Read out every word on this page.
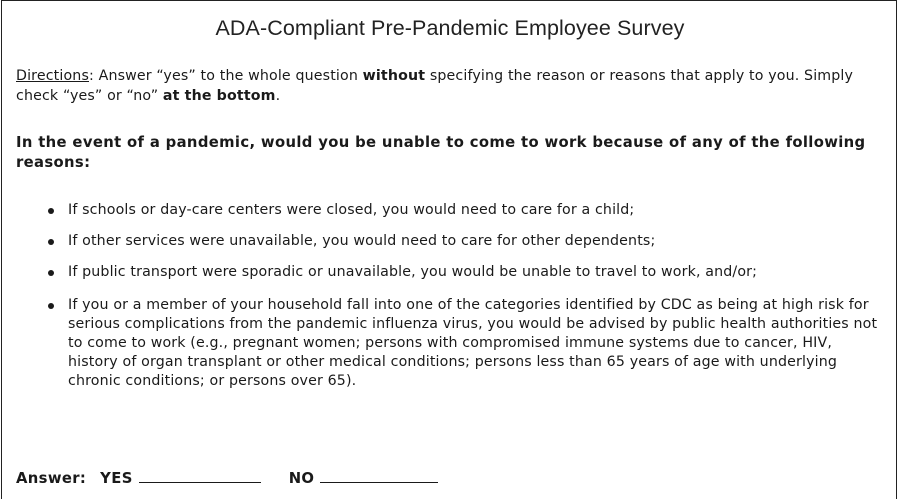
ADA-Compliant Pre-Pandemic Employee Survey
Directions: Answer “yes” to the whole question without specifying the reason or reasons that apply to you. Simply check “yes” or “no” at the bottom.
In the event of a pandemic, would you be unable to come to work because of any of the following reasons:
If schools or day-care centers were closed, you would need to care for a child;
If other services were unavailable, you would need to care for other dependents;
If public transport were sporadic or unavailable, you would be unable to travel to work, and/or;
If you or a member of your household fall into one of the categories identified by CDC as being at high risk for serious complications from the pandemic influenza virus, you would be advised by public health authorities not to come to work (e.g., pregnant women; persons with compromised immune systems due to cancer, HIV, history of organ transplant or other medical conditions; persons less than 65 years of age with underlying chronic conditions; or persons over 65).
Answer: YES	NO
